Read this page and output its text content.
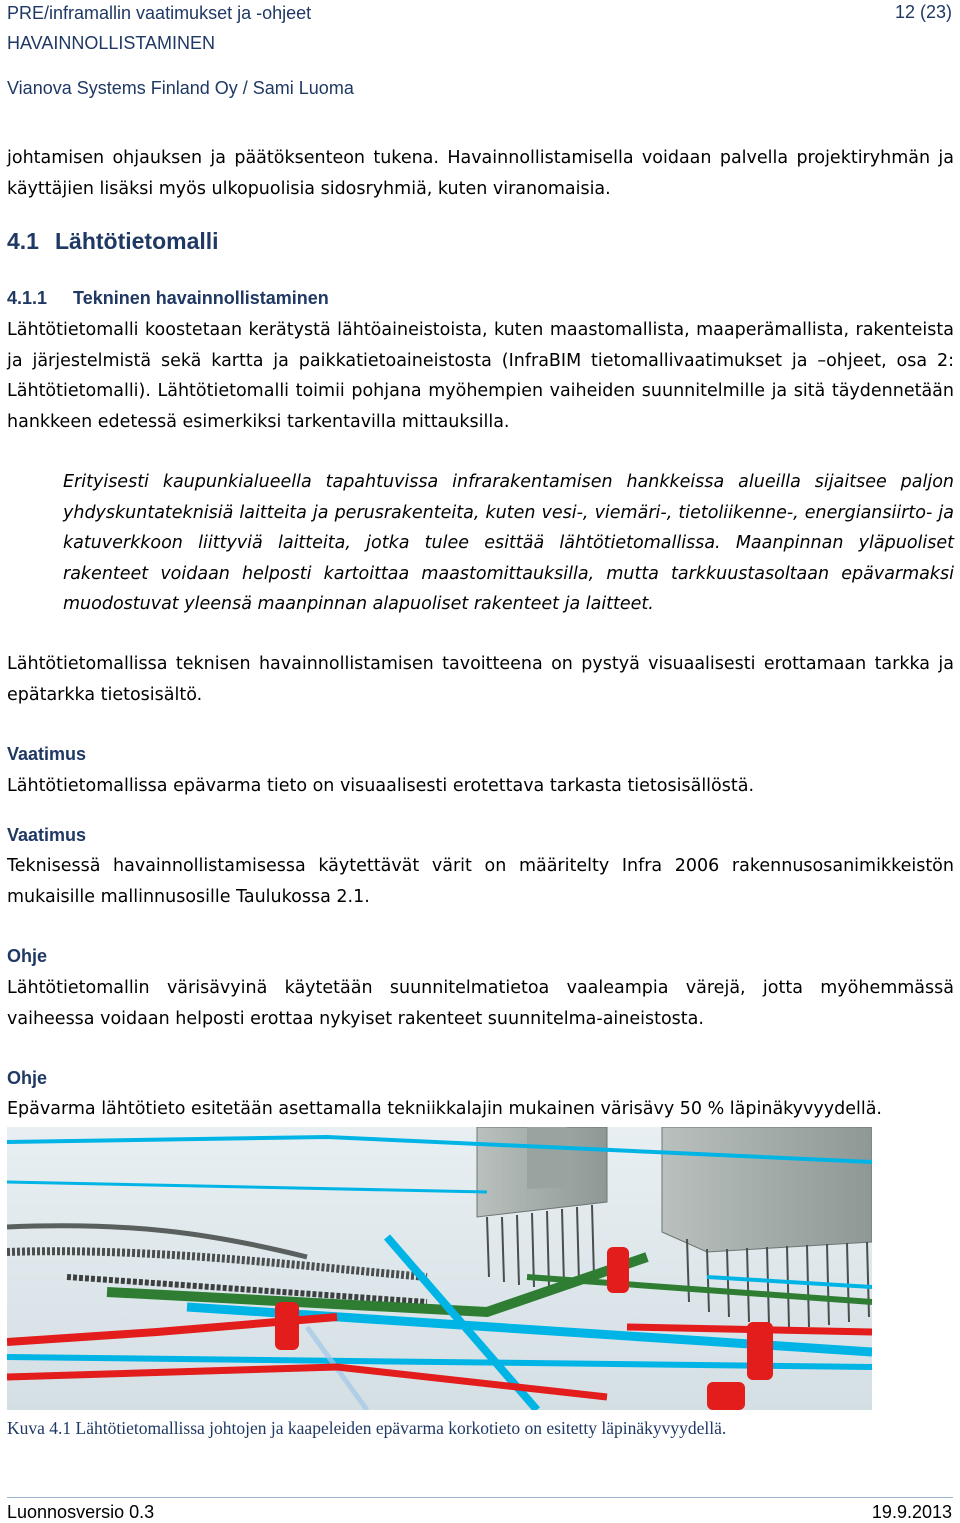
PRE/inframallin vaatimukset ja -ohjeet
HAVAINNOLLISTAMINEN
Vianova Systems Finland Oy / Sami Luoma
12 (23)
johtamisen ohjauksen ja päätöksenteon tukena. Havainnollistamisella voidaan palvella projektiryhmän ja
käyttäjien lisäksi myös ulkopuolisia sidosryhmiä, kuten viranomaisia.
4.1 Lähtötietomalli
4.1.1 Tekninen havainnollistaminen
Lähtötietomalli koostetaan kerätystä lähtöaineistoista, kuten maastomallista, maaperämallista, rakenteista
ja järjestelmistä sekä kartta ja paikkatietoaineistosta (InfraBIM tietomallivaatimukset ja –ohjeet, osa 2:
Lähtötietomalli). Lähtötietomalli toimii pohjana myöhempien vaiheiden suunnitelmille ja sitä täydennetään
hankkeen edetessä esimerkiksi tarkentavilla mittauksilla.
Erityisesti kaupunkialueella tapahtuvissa infrarakentamisen hankkeissa alueilla sijaitsee paljon
yhdyskuntateknisiä laitteita ja perusrakenteita, kuten vesi-, viemäri-, tietoliikenne-, energiansiirto- ja
katuverkkoon liittyviä laitteita, jotka tulee esittää lähtötietomallissa. Maanpinnan yläpuoliset
rakenteet voidaan helposti kartoittaa maastomittauksilla, mutta tarkkuustasoltaan epävarmaksi
muodostuvat yleensä maanpinnan alapuoliset rakenteet ja laitteet.
Lähtötietomallissa teknisen havainnollistamisen tavoitteena on pystyä visuaalisesti erottamaan tarkka ja
epätarkka tietosisältö.
Vaatimus
Lähtötietomallissa epävarma tieto on visuaalisesti erotettava tarkasta tietosisällöstä.
Vaatimus
Teknisessä havainnollistamisessa käytettävät värit on määritelty Infra 2006 rakennusosanimikkeistön
mukaisille mallinnusosille Taulukossa 2.1.
Ohje
Lähtötietomallin värisävyinä käytetään suunnitelmatietoa vaaleampia värejä, jotta myöhemmässä
vaiheessa voidaan helposti erottaa nykyiset rakenteet suunnitelma-aineistosta.
Ohje
Epävarma lähtötieto esitetään asettamalla tekniikkalajin mukainen värisävy 50 % läpinäkyvyydellä.
Kuva 4.1 Lähtötietomallissa johtojen ja kaapeleiden epävarma korkotieto on esitetty läpinäkyvyydellä.
Luonnosversio 0.3	19.9.2013
